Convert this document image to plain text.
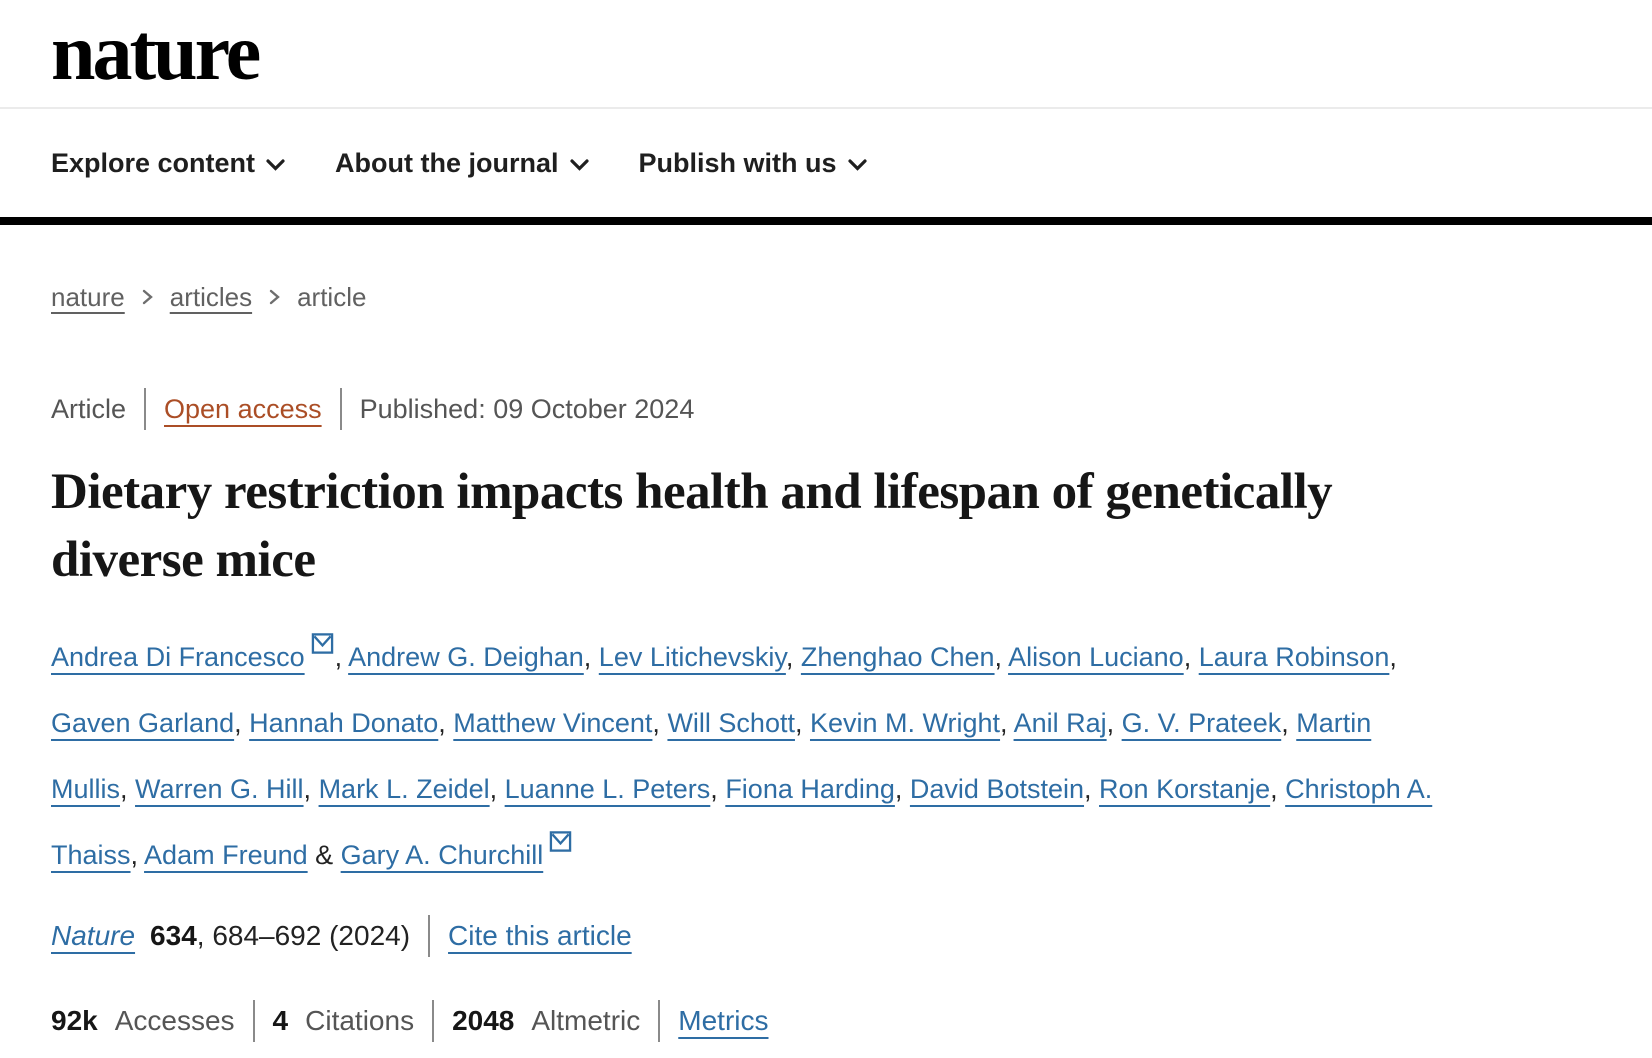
nature
Explore content	About the journal	Publish with us
nature articles article
Article Open access Published: 09 October 2024
Dietary restriction impacts health and lifespan of genetically diverse mice
Andrea Di Francesco , Andrew G. Deighan, Lev Litichevskiy, Zhenghao Chen, Alison Luciano, Laura Robinson, Gaven Garland, Hannah Donato, Matthew Vincent, Will Schott, Kevin M. Wright, Anil Raj, G. V. Prateek, Martin Mullis, Warren G. Hill, Mark L. Zeidel, Luanne L. Peters, Fiona Harding, David Botstein, Ron Korstanje, Christoph A. Thaiss, Adam Freund & Gary A. Churchill
Nature 634 , 684–692 (2024) Cite this article
92k Accesses 4 Citations 2048 Altmetric Metrics
